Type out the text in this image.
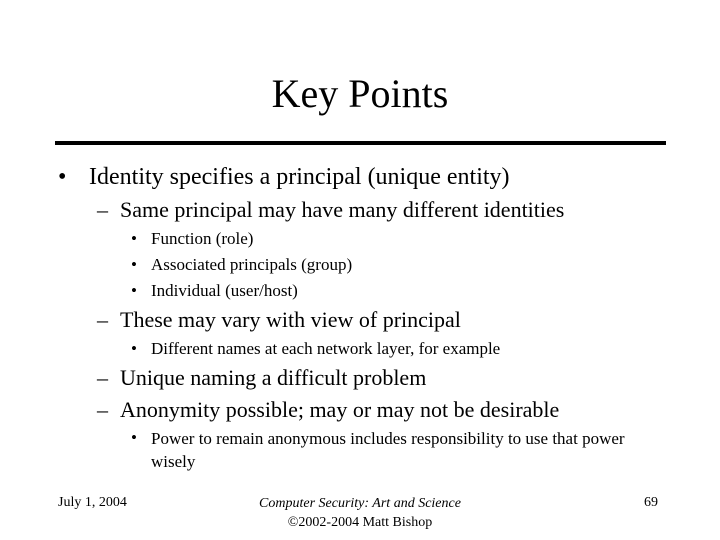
Key Points
• Identity specifies a principal (unique entity)
– Same principal may have many different identities
• Function (role)
• Associated principals (group)
• Individual (user/host)
– These may vary with view of principal
• Different names at each network layer, for example
– Unique naming a difficult problem
– Anonymity possible; may or may not be desirable
• Power to remain anonymous includes responsibility to use that power wisely
July 1, 2004	Computer Security: Art and Science
©2002-2004 Matt Bishop
69
